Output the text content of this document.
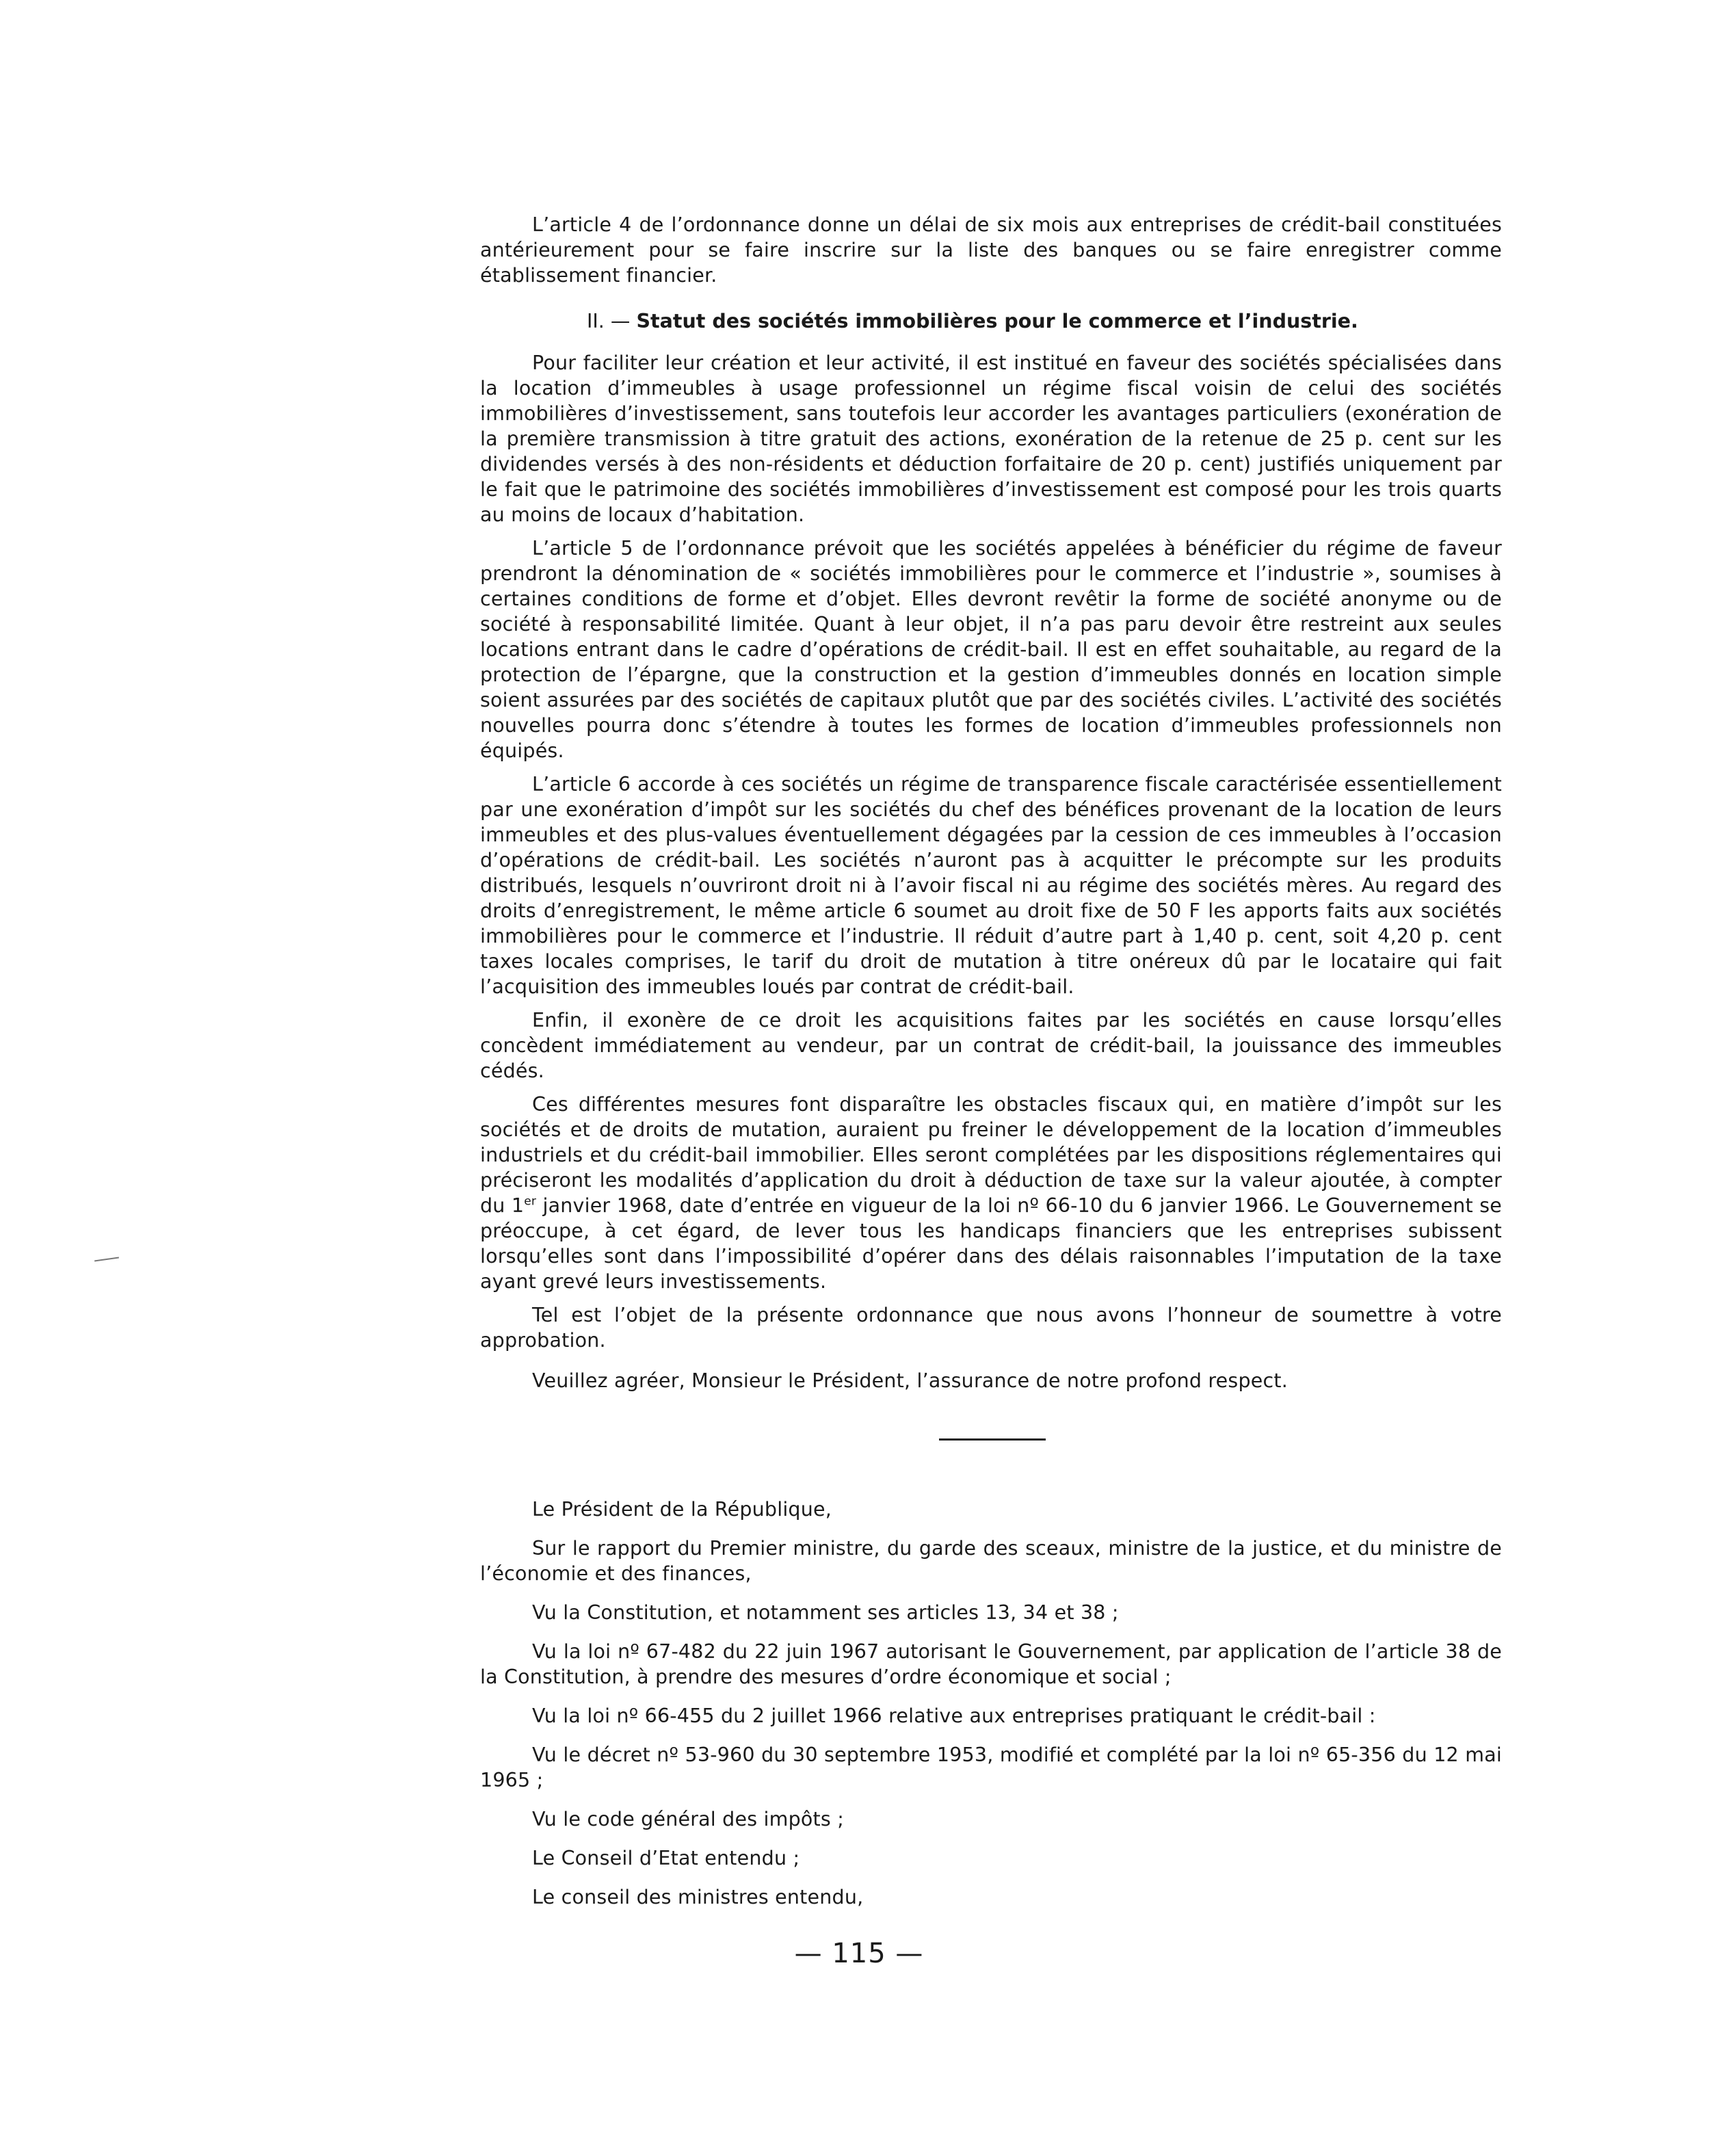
L’article 4 de l’ordonnance donne un délai de six mois aux entreprises de crédit-bail constituées antérieurement pour se faire inscrire sur la liste des banques ou se faire enregistrer comme établissement financier.

II. — Statut des sociétés immobilières pour le commerce et l’industrie.

Pour faciliter leur création et leur activité, il est institué en faveur des sociétés spécialisées dans la location d’immeubles à usage professionnel un régime fiscal voisin de celui des sociétés immobilières d’investissement, sans toutefois leur accorder les avantages particuliers (exonération de la première transmission à titre gratuit des actions, exonération de la retenue de 25 p. cent sur les dividendes versés à des non-résidents et déduction forfaitaire de 20 p. cent) justifiés uniquement par le fait que le patrimoine des sociétés immobilières d’investissement est composé pour les trois quarts au moins de locaux d’habitation.

L’article 5 de l’ordonnance prévoit que les sociétés appelées à bénéficier du régime de faveur prendront la dénomination de « sociétés immobilières pour le commerce et l’industrie », soumises à certaines conditions de forme et d’objet. Elles devront revêtir la forme de société anonyme ou de société à responsabilité limitée. Quant à leur objet, il n’a pas paru devoir être restreint aux seules locations entrant dans le cadre d’opérations de crédit-bail. Il est en effet souhaitable, au regard de la protection de l’épargne, que la construction et la gestion d’immeubles donnés en location simple soient assurées par des sociétés de capitaux plutôt que par des sociétés civiles. L’activité des sociétés nouvelles pourra donc s’étendre à toutes les formes de location d’immeubles professionnels non équipés.

L’article 6 accorde à ces sociétés un régime de transparence fiscale caractérisée essentiellement par une exonération d’impôt sur les sociétés du chef des bénéfices provenant de la location de leurs immeubles et des plus-values éventuellement dégagées par la cession de ces immeubles à l’occasion d’opérations de crédit-bail. Les sociétés n’auront pas à acquitter le précompte sur les produits distribués, lesquels n’ouvriront droit ni à l’avoir fiscal ni au régime des sociétés mères. Au regard des droits d’enregistrement, le même article 6 soumet au droit fixe de 50 F les apports faits aux sociétés immobilières pour le commerce et l’industrie. Il réduit d’autre part à 1,40 p. cent, soit 4,20 p. cent taxes locales comprises, le tarif du droit de mutation à titre onéreux dû par le locataire qui fait l’acquisition des immeubles loués par contrat de crédit-bail.

Enfin, il exonère de ce droit les acquisitions faites par les sociétés en cause lorsqu’elles concèdent immédiatement au vendeur, par un contrat de crédit-bail, la jouissance des immeubles cédés.

Ces différentes mesures font disparaître les obstacles fiscaux qui, en matière d’impôt sur les sociétés et de droits de mutation, auraient pu freiner le développement de la location d’immeubles industriels et du crédit-bail immobilier. Elles seront complétées par les dispositions réglementaires qui préciseront les modalités d’application du droit à déduction de taxe sur la valeur ajoutée, à compter du 1er janvier 1968, date d’entrée en vigueur de la loi nº 66-10 du 6 janvier 1966. Le Gouvernement se préoccupe, à cet égard, de lever tous les handicaps financiers que les entreprises subissent lorsqu’elles sont dans l’impossibilité d’opérer dans des délais raisonnables l’imputation de la taxe ayant grevé leurs investissements.

Tel est l’objet de la présente ordonnance que nous avons l’honneur de soumettre à votre approbation.

Veuillez agréer, Monsieur le Président, l’assurance de notre profond respect.

Le Président de la République,

Sur le rapport du Premier ministre, du garde des sceaux, ministre de la justice, et du ministre de l’économie et des finances,

Vu la Constitution, et notamment ses articles 13, 34 et 38 ;

Vu la loi nº 67-482 du 22 juin 1967 autorisant le Gouvernement, par application de l’article 38 de la Constitution, à prendre des mesures d’ordre économique et social ;

Vu la loi nº 66-455 du 2 juillet 1966 relative aux entreprises pratiquant le crédit-bail :

Vu le décret nº 53-960 du 30 septembre 1953, modifié et complété par la loi nº 65-356 du 12 mai 1965 ;

Vu le code général des impôts ;

Le Conseil d’Etat entendu ;

Le conseil des ministres entendu,

— 115 —
